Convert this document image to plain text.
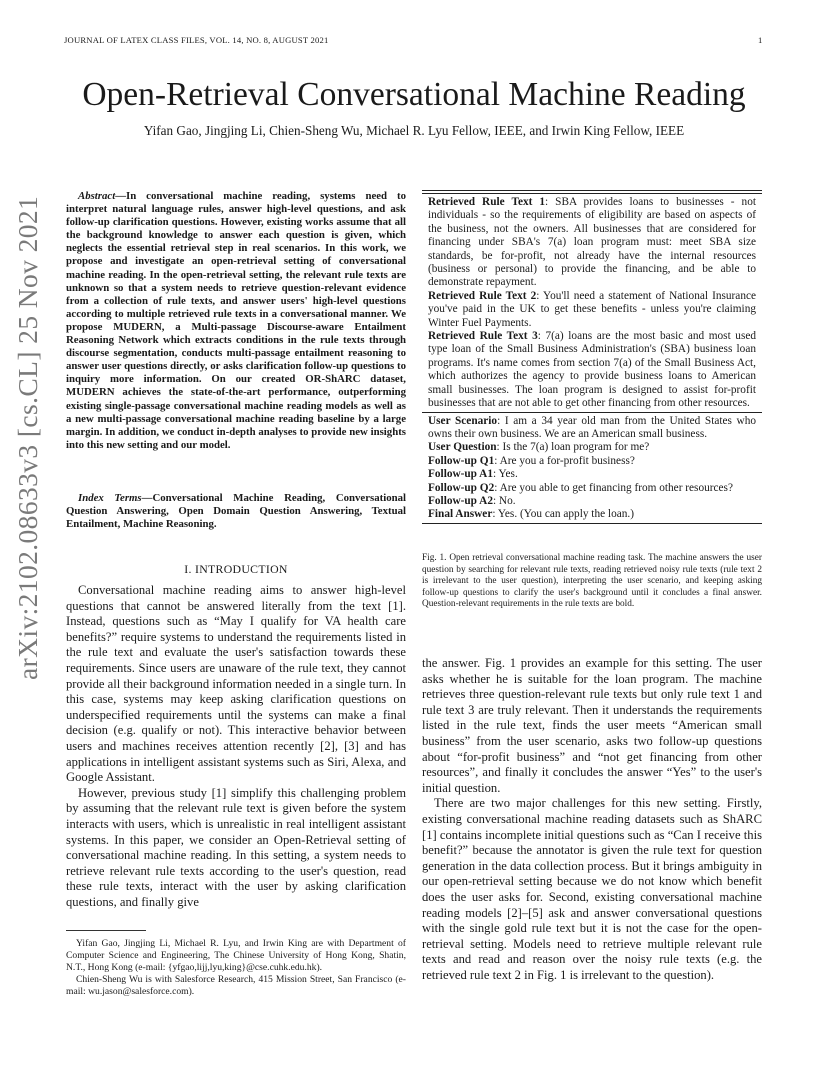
JOURNAL OF LATEX CLASS FILES, VOL. 14, NO. 8, AUGUST 2021	1
Open-Retrieval Conversational Machine Reading
Yifan Gao, Jingjing Li, Chien-Sheng Wu, Michael R. Lyu Fellow, IEEE, and Irwin King Fellow, IEEE
arXiv:2102.08633v3 [cs.CL] 25 Nov 2021	Abstract—In conversational machine reading, systems need to interpret natural language rules, answer high-level questions, and ask follow-up clarification questions. However, existing works assume that all the background knowledge to answer each question is given, which neglects the essential retrieval step in real scenarios. In this work, we propose and investigate an open-retrieval setting of conversational machine reading. In the open-retrieval setting, the relevant rule texts are unknown so that a system needs to retrieve question-relevant evidence from a collection of rule texts, and answer users' high-level questions according to multiple retrieved rule texts in a conversational manner. We propose MUDERN, a Multi-passage Discourse-aware Entailment Reasoning Network which extracts conditions in the rule texts through discourse segmentation, conducts multi-passage entailment reasoning to answer user questions directly, or asks clarification follow-up questions to inquiry more information. On our created OR-ShARC dataset, MUDERN achieves the state-of-the-art performance, outperforming existing single-passage conversational machine reading models as well as a new multi-passage conversational machine reading baseline by a large margin. In addition, we conduct in-depth analyses to provide new insights into this new setting and our model.
Index Terms—Conversational Machine Reading, Conversational Question Answering, Open Domain Question Answering, Textual Entailment, Machine Reasoning.
I. INTRODUCTION

Conversational machine reading aims to answer high-level questions that cannot be answered literally from the text [1]. Instead, questions such as “May I qualify for VA health care benefits?” require systems to understand the requirements listed in the rule text and evaluate the user's satisfaction towards these requirements. Since users are unaware of the rule text, they cannot provide all their background information needed in a single turn. In this case, systems may keep asking clarification questions on underspecified requirements until the systems can make a final decision (e.g. qualify or not). This interactive behavior between users and machines receives attention recently [2], [3] and has applications in intelligent assistant systems such as Siri, Alexa, and Google Assistant.

However, previous study [1] simplify this challenging problem by assuming that the relevant rule text is given before the system interacts with users, which is unrealistic in real intelligent assistant systems. In this paper, we consider an Open-Retrieval setting of conversational machine reading. In this setting, a system needs to retrieve relevant rule texts according to the user's question, read these rule texts, interact with the user by asking clarification questions, and finally give

Yifan Gao, Jingjing Li, Michael R. Lyu, and Irwin King are with Department of Computer Science and Engineering, The Chinese University of Hong Kong, Shatin, N.T., Hong Kong (e-mail: {yfgao,lijj,lyu,king}@cse.cuhk.edu.hk).

Chien-Sheng Wu is with Salesforce Research, 415 Mission Street, San Francisco (e-mail: wu.jason@salesforce.com).

Retrieved Rule Text 1: SBA provides loans to businesses - not individuals - so the requirements of eligibility are based on aspects of the business, not the owners. All businesses that are considered for financing under SBA's 7(a) loan program must: meet SBA size standards, be for-profit, not already have the internal resources (business or personal) to provide the financing, and be able to demonstrate repayment.

Retrieved Rule Text 2: You'll need a statement of National Insurance you've paid in the UK to get these benefits - unless you're claiming Winter Fuel Payments.

Retrieved Rule Text 3: 7(a) loans are the most basic and most used type loan of the Small Business Administration's (SBA) business loan programs. It's name comes from section 7(a) of the Small Business Act, which authorizes the agency to provide business loans to American small businesses. The loan program is designed to assist for-profit businesses that are not able to get other financing from other resources.

User Scenario: I am a 34 year old man from the United States who owns their own business. We are an American small business.

User Question: Is the 7(a) loan program for me?

Follow-up Q1: Are you a for-profit business?

Follow-up A1: Yes.

Follow-up Q2: Are you able to get financing from other resources?

Follow-up A2: No.

Final Answer: Yes. (You can apply the loan.)

Fig. 1. Open retrieval conversational machine reading task. The machine answers the user question by searching for relevant rule texts, reading retrieved noisy rule texts (rule text 2 is irrelevant to the user question), interpreting the user scenario, and keeping asking follow-up questions to clarify the user's background until it concludes a final answer. Question-relevant requirements in the rule texts are bold.

the answer. Fig. 1 provides an example for this setting. The user asks whether he is suitable for the loan program. The machine retrieves three question-relevant rule texts but only rule text 1 and rule text 3 are truly relevant. Then it understands the requirements listed in the rule text, finds the user meets “American small business” from the user scenario, asks two follow-up questions about “for-profit business” and “not get financing from other resources”, and finally it concludes the answer “Yes” to the user's initial question.

There are two major challenges for this new setting. Firstly, existing conversational machine reading datasets such as ShARC [1] contains incomplete initial questions such as “Can I receive this benefit?” because the annotator is given the rule text for question generation in the data collection process. But it brings ambiguity in our open-retrieval setting because we do not know which benefit does the user asks for. Second, existing conversational machine reading models [2]–[5] ask and answer conversational questions with the single gold rule text but it is not the case for the open-retrieval setting. Models need to retrieve multiple relevant rule texts and read and reason over the noisy rule texts (e.g. the retrieved rule text 2 in Fig. 1 is irrelevant to the question).
